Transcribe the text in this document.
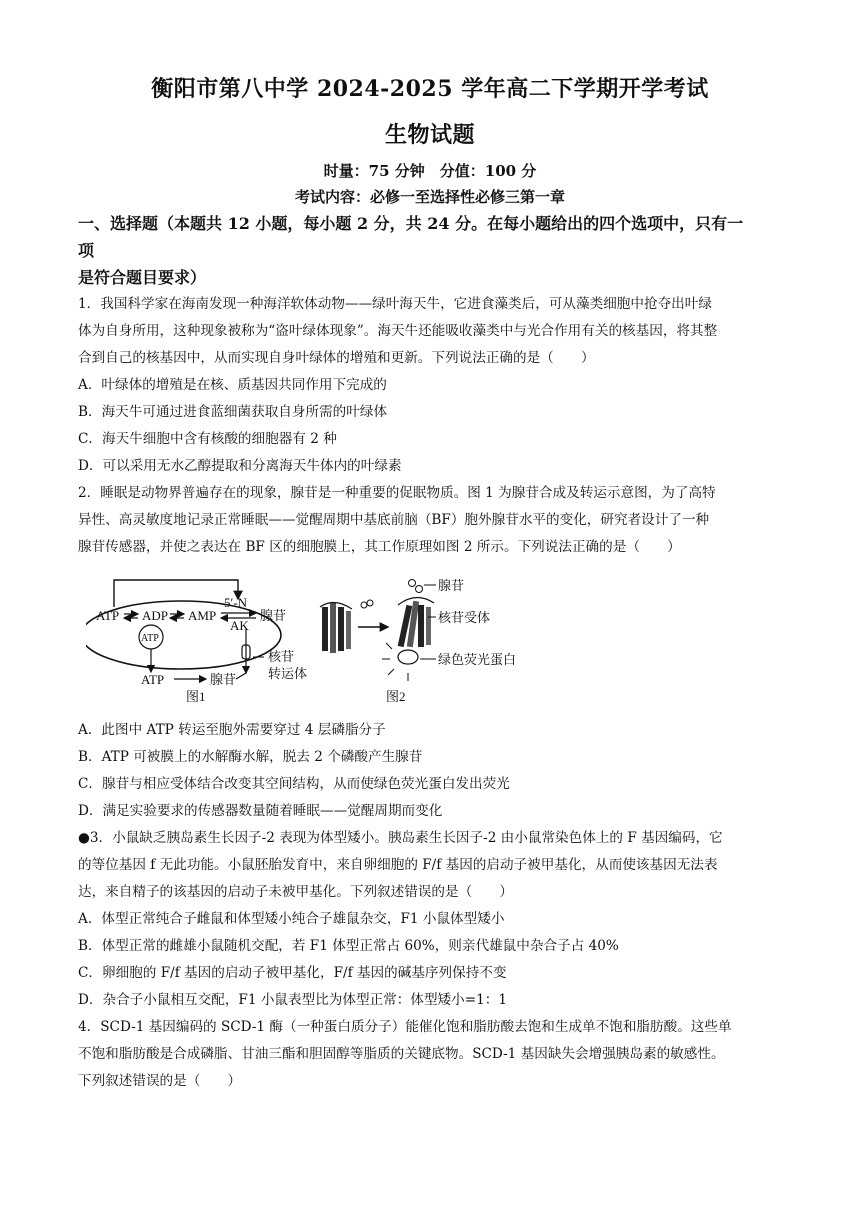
衡阳市第八中学 2024-2025 学年高二下学期开学考试
生物试题
时量：75 分钟　分值：100 分
考试内容：必修一至选择性必修三第一章
一、选择题（本题共 12 小题，每小题 2 分，共 24 分。在每小题给出的四个选项中，只有一
项
是符合题目要求）
1．我国科学家在海南发现一种海洋软体动物——绿叶海天牛，它进食藻类后，可从藻类细胞中抢夺出叶绿
体为自身所用，这种现象被称为“盗叶绿体现象”。海天牛还能吸收藻类中与光合作用有关的核基因，将其整
合到自己的核基因中，从而实现自身叶绿体的增殖和更新。下列说法正确的是（　　）
A．叶绿体的增殖是在核、质基因共同作用下完成的
B．海天牛可通过进食蓝细菌获取自身所需的叶绿体
C．海天牛细胞中含有核酸的细胞器有 2 种
D．可以采用无水乙醇提取和分离海天牛体内的叶绿素
2．睡眠是动物界普遍存在的现象，腺苷是一种重要的促眠物质。图 1 为腺苷合成及转运示意图，为了高特
异性、高灵敏度地记录正常睡眠——觉醒周期中基底前脑（BF）胞外腺苷水平的变化，研究者设计了一种
腺苷传感器，并使之表达在 BF 区的细胞膜上，其工作原理如图 2 所示。下列说法正确的是（　　）
ATP ADP AMP
5′-N
AK
腺苷
ATP
ATP	腺苷
核苷
转运体
图1
腺苷
核苷受体
绿色荧光蛋白
图2
A．此图中 ATP 转运至胞外需要穿过 4 层磷脂分子
B．ATP 可被膜上的水解酶水解，脱去 2 个磷酸产生腺苷
C．腺苷与相应受体结合改变其空间结构，从而使绿色荧光蛋白发出荧光
D．满足实验要求的传感器数量随着睡眠——觉醒周期而变化
●3．小鼠缺乏胰岛素生长因子-2 表现为体型矮小。胰岛素生长因子-2 由小鼠常染色体上的 F 基因编码，它
的等位基因 f 无此功能。小鼠胚胎发育中，来自卵细胞的 F/f 基因的启动子被甲基化，从而使该基因无法表
达，来自精子的该基因的启动子未被甲基化。下列叙述错误的是（　　）
A．体型正常纯合子雌鼠和体型矮小纯合子雄鼠杂交，F1 小鼠体型矮小
B．体型正常的雌雄小鼠随机交配，若 F1 体型正常占 60%，则亲代雄鼠中杂合子占 40%
C．卵细胞的 F/f 基因的启动子被甲基化，F/f 基因的碱基序列保持不变
D．杂合子小鼠相互交配，F1 小鼠表型比为体型正常：体型矮小=1：1
4．SCD-1 基因编码的 SCD-1 酶（一种蛋白质分子）能催化饱和脂肪酸去饱和生成单不饱和脂肪酸。这些单
不饱和脂肪酸是合成磷脂、甘油三酯和胆固醇等脂质的关键底物。SCD-1 基因缺失会增强胰岛素的敏感性。
下列叙述错误的是（　　）
